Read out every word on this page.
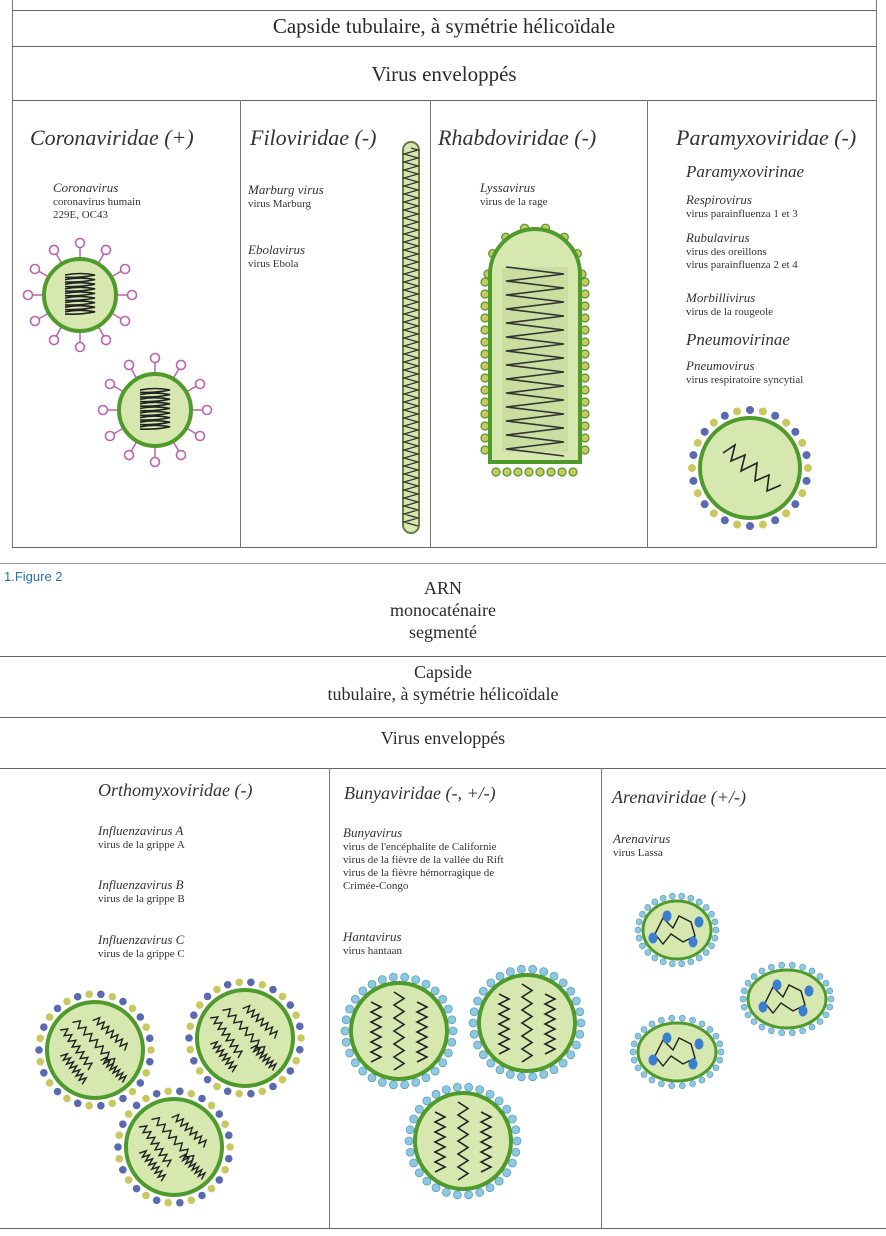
Capside tubulaire, à symétrie hélicoïdale
Virus enveloppés
Coronaviridae (+)
Coronavirus
coronavirus humain
229E, OC43
Filoviridae (-)
Marburg virus
virus Marburg
Ebolavirus
virus Ebola
Rhabdoviridae (-)
Lyssavirus
virus de la rage
Paramyxoviridae (-)
Paramyxovirinae
Respirovirus
virus parainfluenza 1 et 3
Rubulavirus
virus des oreillons
virus parainfluenza 2 et 4
Morbillivirus
virus de la rougeole
Pneumovirinae
Pneumovirus
virus respiratoire syncytial
1.Figure 2
ARN
monocaténaire
segmenté
Capside
tubulaire, à symétrie hélicoïdale
Virus enveloppés
Orthomyxoviridae (-)
Influenzavirus A
virus de la grippe A
Influenzavirus B
virus de la grippe B
Influenzavirus C
virus de la grippe C
Bunyaviridae (-, +/-)
Bunyavirus
virus de l'encéphalite de Californie
virus de la fièvre de la vallée du Rift
virus de la fièvre hémorragique de
Crimée-Congo
Hantavirus
virus hantaan
Arenaviridae (+/-)
Arenavirus
virus Lassa
